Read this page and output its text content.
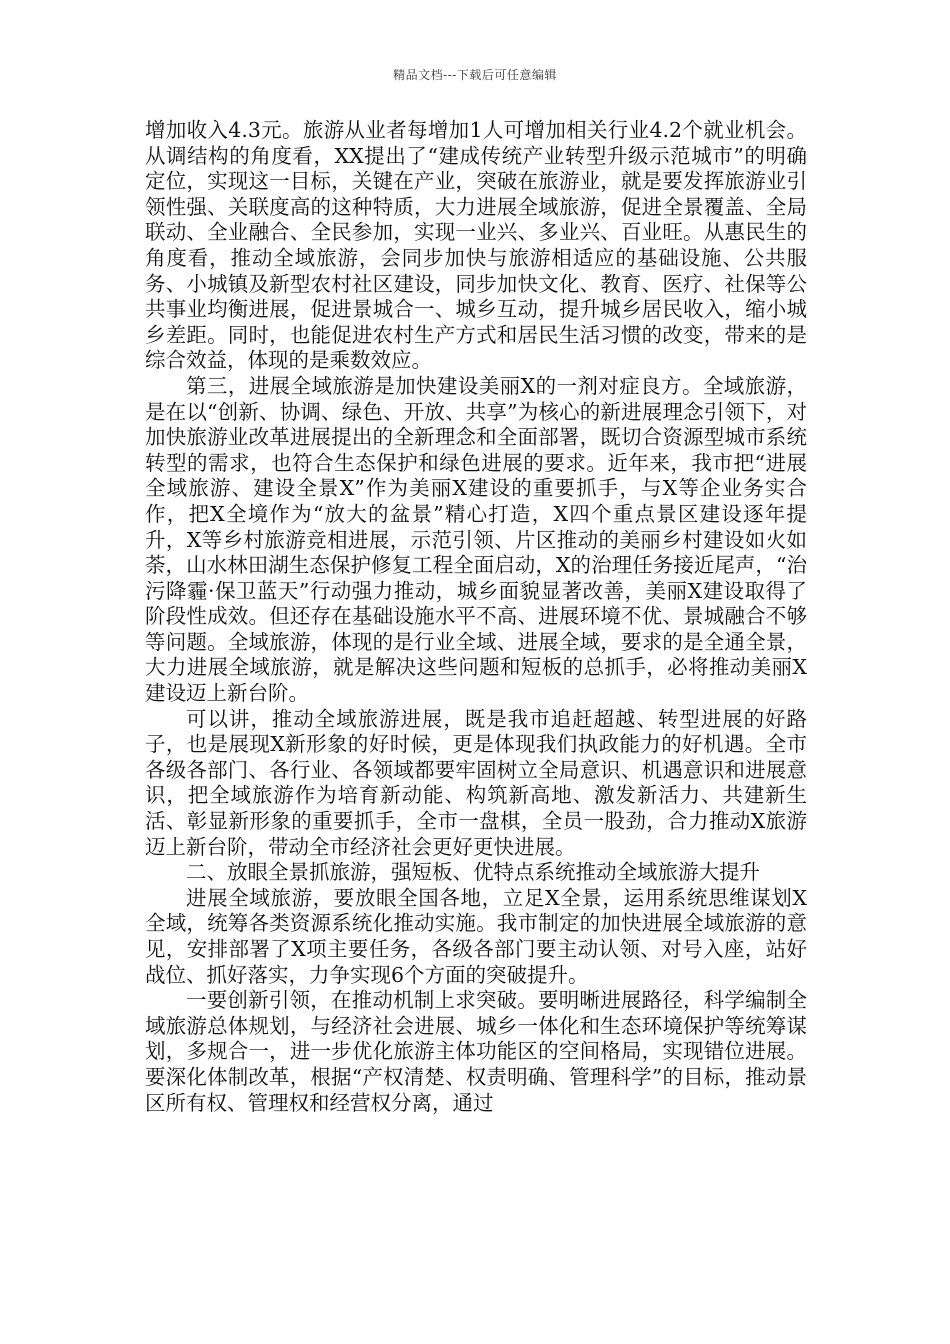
精品文档---下载后可任意编辑

增加收入4.3元。旅游从业者每增加1人可增加相关行业4.2个就业机会。从调结构的角度看，XX提出了“建成传统产业转型升级示范城市”的明确定位，实现这一目标，关键在产业，突破在旅游业，就是要发挥旅游业引领性强、关联度高的这种特质，大力进展全域旅游，促进全景覆盖、全局联动、全业融合、全民参加，实现一业兴、多业兴、百业旺。从惠民生的角度看，推动全域旅游，会同步加快与旅游相适应的基础设施、公共服务、小城镇及新型农村社区建设，同步加快文化、教育、医疗、社保等公共事业均衡进展，促进景城合一、城乡互动，提升城乡居民收入，缩小城乡差距。同时，也能促进农村生产方式和居民生活习惯的改变，带来的是综合效益，体现的是乘数效应。

第三，进展全域旅游是加快建设美丽X的一剂对症良方。全域旅游，是在以“创新、协调、绿色、开放、共享”为核心的新进展理念引领下，对加快旅游业改革进展提出的全新理念和全面部署，既切合资源型城市系统转型的需求，也符合生态保护和绿色进展的要求。近年来，我市把“进展全域旅游、建设全景X”作为美丽X建设的重要抓手，与X等企业务实合作，把X全境作为“放大的盆景”精心打造，X四个重点景区建设逐年提升，X等乡村旅游竞相进展，示范引领、片区推动的美丽乡村建设如火如荼，山水林田湖生态保护修复工程全面启动，X的治理任务接近尾声，“治污降霾·保卫蓝天”行动强力推动，城乡面貌显著改善，美丽X建设取得了阶段性成效。但还存在基础设施水平不高、进展环境不优、景城融合不够等问题。全域旅游，体现的是行业全域、进展全域，要求的是全通全景，大力进展全域旅游，就是解决这些问题和短板的总抓手，必将推动美丽X建设迈上新台阶。

可以讲，推动全域旅游进展，既是我市追赶超越、转型进展的好路子，也是展现X新形象的好时候，更是体现我们执政能力的好机遇。全市各级各部门、各行业、各领域都要牢固树立全局意识、机遇意识和进展意识，把全域旅游作为培育新动能、构筑新高地、激发新活力、共建新生活、彰显新形象的重要抓手，全市一盘棋，全员一股劲，合力推动X旅游迈上新台阶，带动全市经济社会更好更快进展。

二、放眼全景抓旅游，强短板、优特点系统推动全域旅游大提升

进展全域旅游，要放眼全国各地，立足X全景，运用系统思维谋划X全域，统筹各类资源系统化推动实施。我市制定的加快进展全域旅游的意见，安排部署了X项主要任务，各级各部门要主动认领、对号入座，站好战位、抓好落实，力争实现6个方面的突破提升。

一要创新引领，在推动机制上求突破。要明晰进展路径，科学编制全域旅游总体规划，与经济社会进展、城乡一体化和生态环境保护等统筹谋划，多规合一，进一步优化旅游主体功能区的空间格局，实现错位进展。要深化体制改革，根据“产权清楚、权责明确、管理科学”的目标，推动景区所有权、管理权和经营权分离，通过
